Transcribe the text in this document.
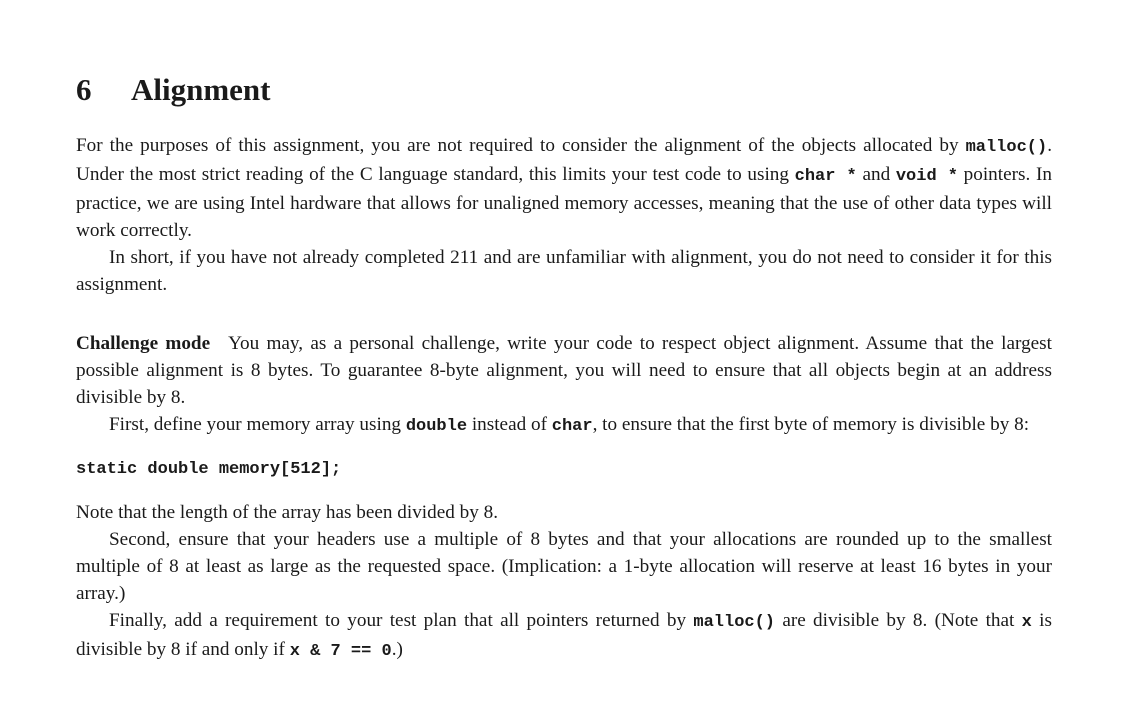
6 Alignment

For the purposes of this assignment, you are not required to consider the alignment of the objects allocated by malloc(). Under the most strict reading of the C language standard, this limits your test code to using char * and void * pointers. In practice, we are using Intel hardware that allows for unaligned memory accesses, meaning that the use of other data types will work correctly.

In short, if you have not already completed 211 and are unfamiliar with alignment, you do not need to consider it for this assignment.

Challenge mode You may, as a personal challenge, write your code to respect object alignment. Assume that the largest possible alignment is 8 bytes. To guarantee 8-byte alignment, you will need to ensure that all objects begin at an address divisible by 8.

First, define your memory array using double instead of char, to ensure that the first byte of memory is divisible by 8:

static double memory[512];

Note that the length of the array has been divided by 8.

Second, ensure that your headers use a multiple of 8 bytes and that your allocations are rounded up to the smallest multiple of 8 at least as large as the requested space. (Implication: a 1-byte allocation will reserve at least 16 bytes in your array.)

Finally, add a requirement to your test plan that all pointers returned by malloc() are divisible by 8. (Note that x is divisible by 8 if and only if x & 7 == 0.)
